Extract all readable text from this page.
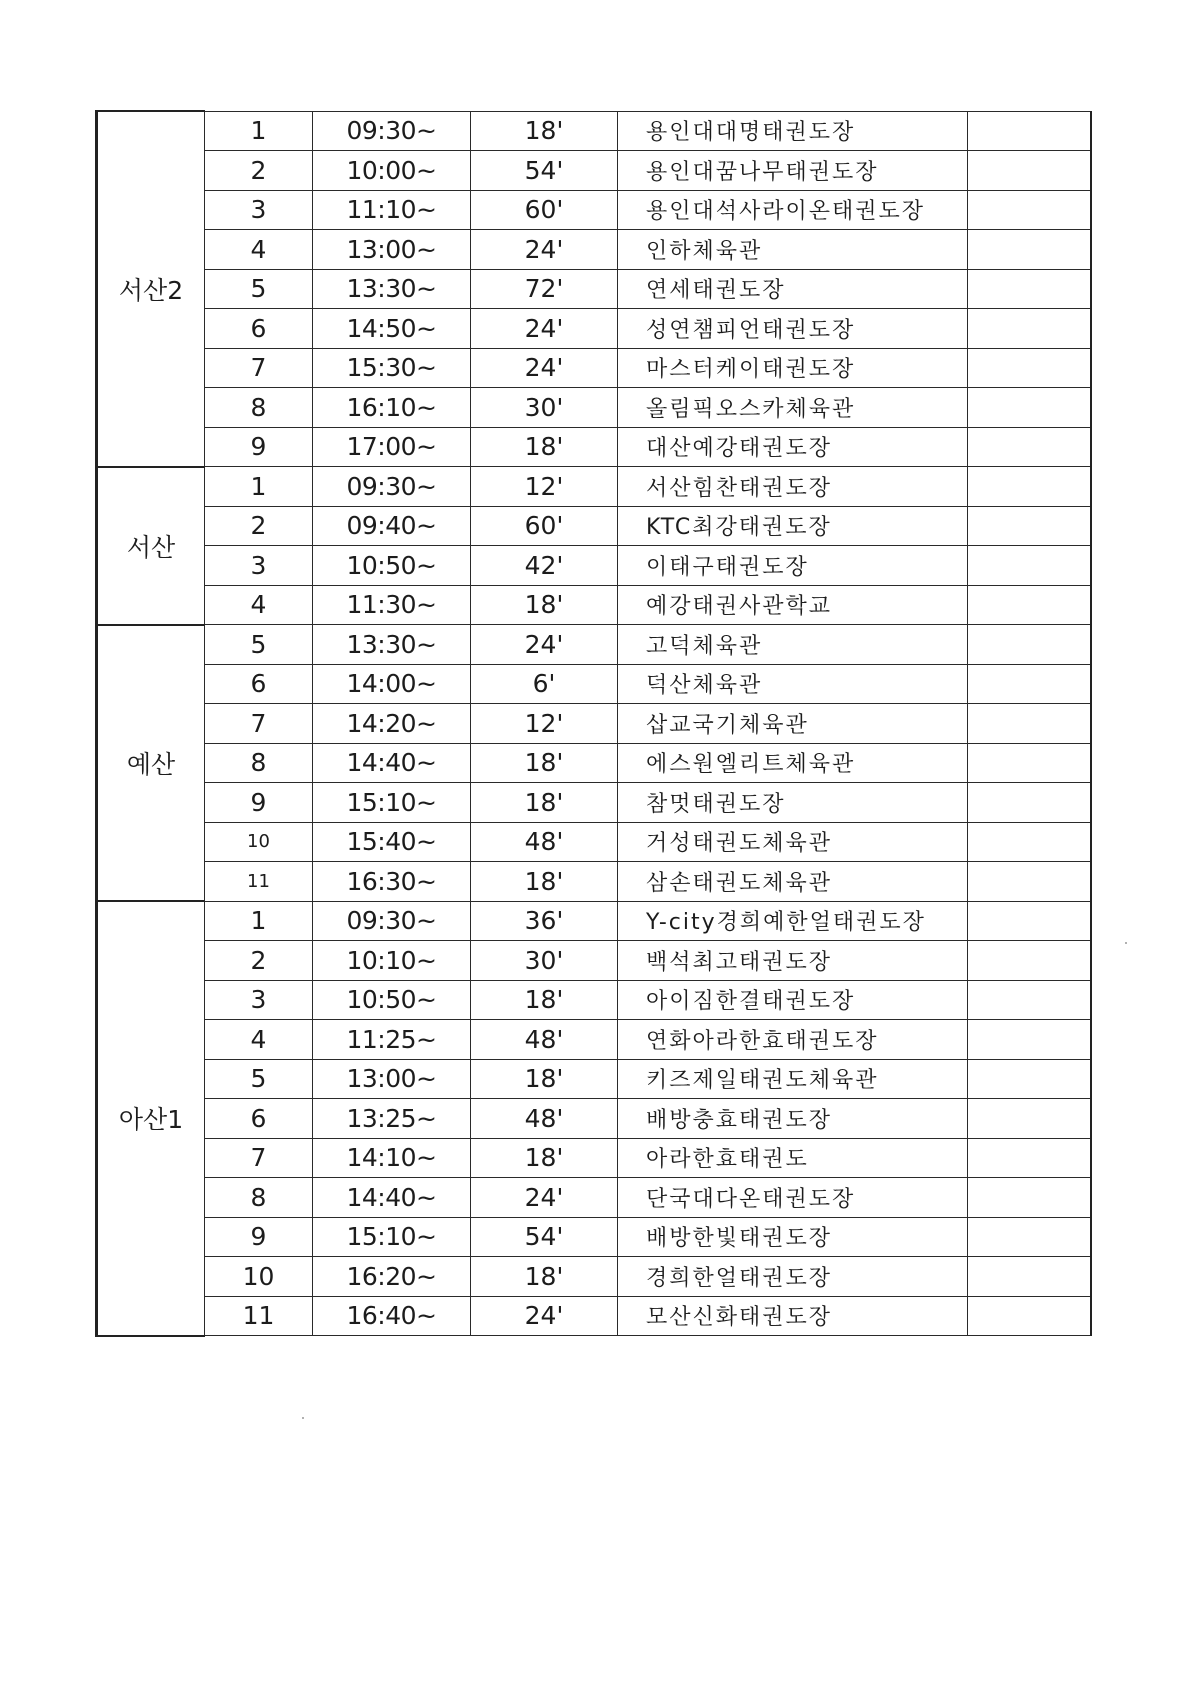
서산2	1	09:30~	18'	용인대대명태권도장	
	2	10:00~	54'	용인대꿈나무태권도장	
	3	11:10~	60'	용인대석사라이온태권도장	
	4	13:00~	24'	인하체육관	
	5	13:30~	72'	연세태권도장	
	6	14:50~	24'	성연챔피언태권도장	
	7	15:30~	24'	마스터케이태권도장	
	8	16:10~	30'	올림픽오스카체육관	
	9	17:00~	18'	대산예강태권도장	
서산	1	09:30~	12'	서산힘찬태권도장	
	2	09:40~	60'	KTC최강태권도장	
	3	10:50~	42'	이태구태권도장	
	4	11:30~	18'	예강태권사관학교	
예산	5	13:30~	24'	고덕체육관	
	6	14:00~	6'	덕산체육관	
	7	14:20~	12'	삽교국기체육관	
	8	14:40~	18'	에스원엘리트체육관	
	9	15:10~	18'	참멋태권도장	
	10	15:40~	48'	거성태권도체육관	
	11	16:30~	18'	삼손태권도체육관	
아산1	1	09:30~	36'	Y-city경희예한얼태권도장	
	2	10:10~	30'	백석최고태권도장	
	3	10:50~	18'	아이짐한결태권도장	
	4	11:25~	48'	연화아라한효태권도장	
	5	13:00~	18'	키즈제일태권도체육관	
	6	13:25~	48'	배방충효태권도장	
	7	14:10~	18'	아라한효태권도	
	8	14:40~	24'	단국대다온태권도장	
	9	15:10~	54'	배방한빛태권도장	
	10	16:20~	18'	경희한얼태권도장	
	11	16:40~	24'	모산신화태권도장	
